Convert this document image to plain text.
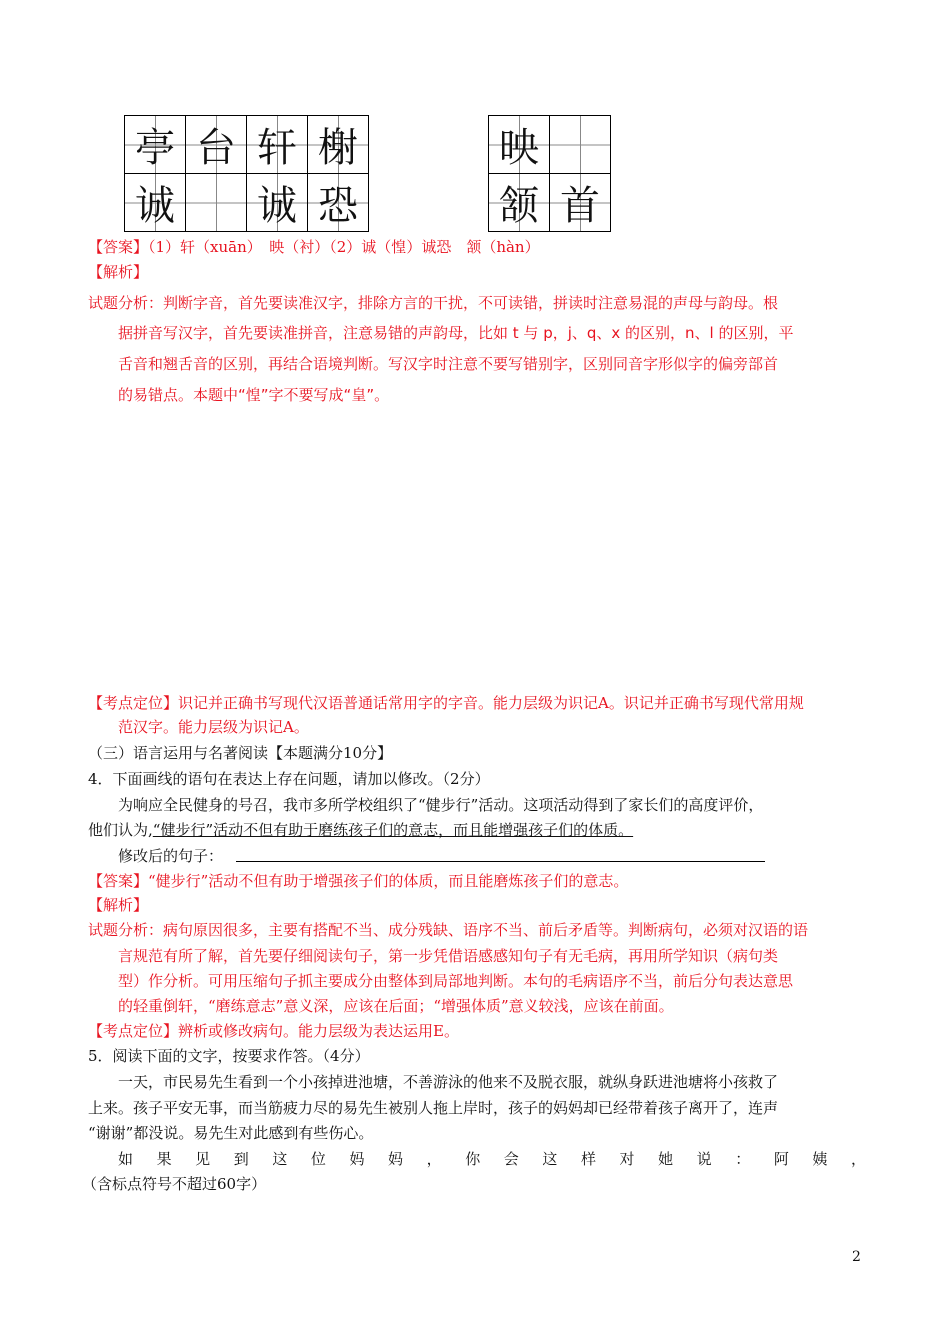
亭	台	轩	榭
诚		诚	恐
映	
颔	首
【答案】（1）轩（xuān）　映（衬）（2）诚（惶）诚恐　颔（hàn）
【解析】
试题分析：判断字音，首先要读准汉字，排除方言的干扰，不可读错，拼读时注意易混的声母与韵母。根
据拼音写汉字，首先要读准拼音，注意易错的声韵母，比如 t 与 p，j、q、x 的区别，n、l 的区别，平
舌音和翘舌音的区别，再结合语境判断。写汉字时注意不要写错别字，区别同音字形似字的偏旁部首
的易错点。本题中“惶”字不要写成“皇”。
【考点定位】识记并正确书写现代汉语普通话常用字的字音。能力层级为识记A。识记并正确书写现代常用规
范汉字。能力层级为识记A。
（三）语言运用与名著阅读【本题满分10分】
4．下面画线的语句在表达上存在问题，请加以修改。（2分）
为响应全民健身的号召，我市多所学校组织了“健步行”活动。这项活动得到了家长们的高度评价，
他们认为,“健步行”活动不但有助于磨练孩子们的意志，而且能增强孩子们的体质。
修改后的句子：
【答案】“健步行”活动不但有助于增强孩子们的体质，而且能磨炼孩子们的意志。
【解析】
试题分析：病句原因很多，主要有搭配不当、成分残缺、语序不当、前后矛盾等。判断病句，必须对汉语的语
言规范有所了解，首先要仔细阅读句子，第一步凭借语感感知句子有无毛病，再用所学知识（病句类
型）作分析。可用压缩句子抓主要成分由整体到局部地判断。本句的毛病语序不当，前后分句表达意思
的轻重倒轩，“磨练意志”意义深，应该在后面；“增强体质”意义较浅，应该在前面。
【考点定位】辨析或修改病句。能力层级为表达运用E。
5．阅读下面的文字，按要求作答。（4分）
一天，市民易先生看到一个小孩掉进池塘，不善游泳的他来不及脱衣服，就纵身跃进池塘将小孩救了
上来。孩子平安无事，而当筋疲力尽的易先生被别人拖上岸时，孩子的妈妈却已经带着孩子离开了，连声
“谢谢”都没说。易先生对此感到有些伤心。
如 果 见 到 这 位 妈 妈 ， 你 会 这 样 对 她 说 ： 阿 姨 ，
（含标点符号不超过60字）
2
